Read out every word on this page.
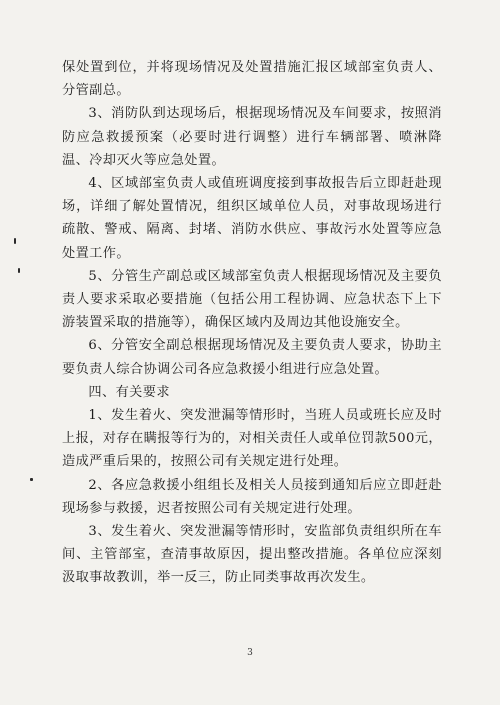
保处置到位，并将现场情况及处置措施汇报区域部室负责人、分管副总。

3、消防队到达现场后，根据现场情况及车间要求，按照消防应急救援预案（必要时进行调整）进行车辆部署、喷淋降温、冷却灭火等应急处置。

4、区域部室负责人或值班调度接到事故报告后立即赶赴现场，详细了解处置情况，组织区域单位人员，对事故现场进行疏散、警戒、隔离、封堵、消防水供应、事故污水处置等应急处置工作。

5、分管生产副总或区域部室负责人根据现场情况及主要负责人要求采取必要措施（包括公用工程协调、应急状态下上下游装置采取的措施等），确保区域内及周边其他设施安全。

6、分管安全副总根据现场情况及主要负责人要求，协助主要负责人综合协调公司各应急救援小组进行应急处置。

四、有关要求

1、发生着火、突发泄漏等情形时，当班人员或班长应及时上报，对存在瞒报等行为的，对相关责任人或单位罚款500元，造成严重后果的，按照公司有关规定进行处理。

2、各应急救援小组组长及相关人员接到通知后应立即赶赴现场参与救援，迟者按照公司有关规定进行处理。

3、发生着火、突发泄漏等情形时，安监部负责组织所在车间、主管部室，查清事故原因，提出整改措施。各单位应深刻汲取事故教训，举一反三，防止同类事故再次发生。

3
